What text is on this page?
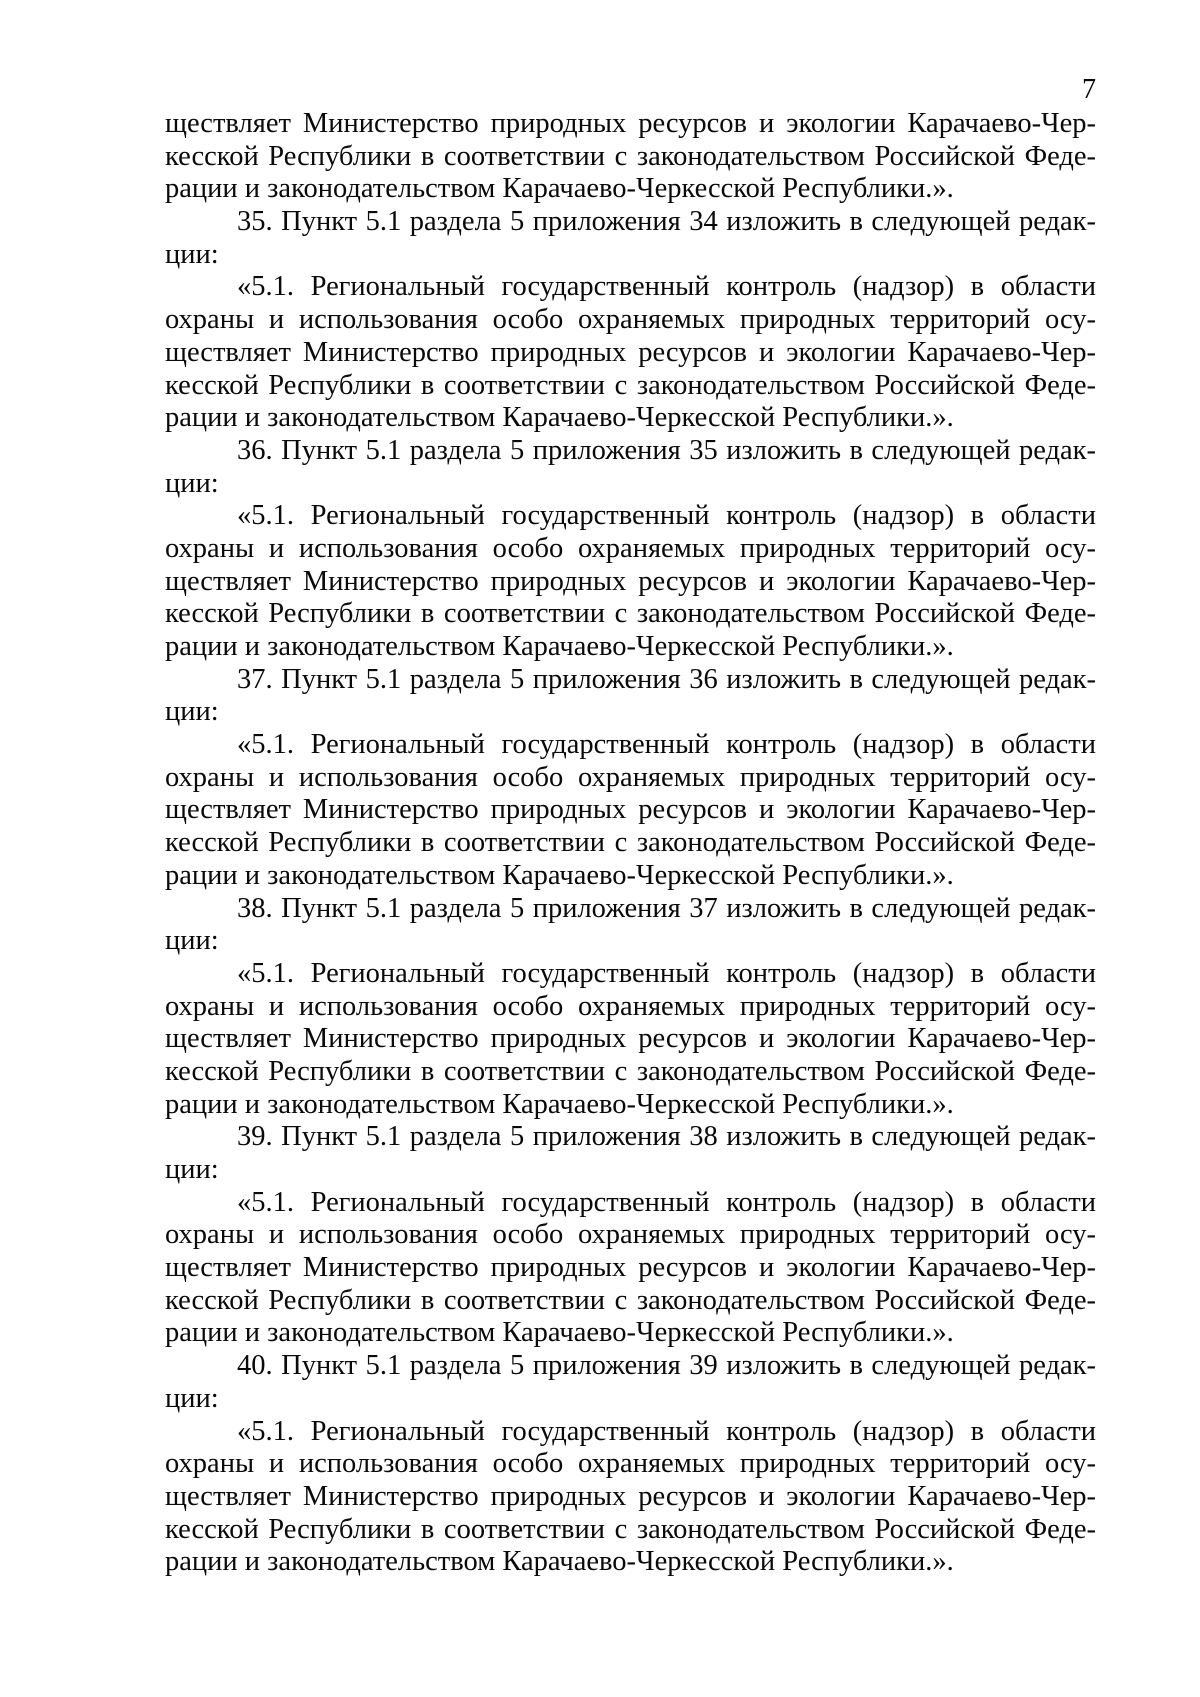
7
ществляет Министерство природных ресурсов и экологии Карачаево-Чер-
кесской Республики в соответствии с законодательством Российской Феде-
рации и законодательством Карачаево-Черкесской Республики.».
35. Пункт 5.1 раздела 5 приложения 34 изложить в следующей редак-
ции:
«5.1. Региональный государственный контроль (надзор) в области
охраны и использования особо охраняемых природных территорий осу-
ществляет Министерство природных ресурсов и экологии Карачаево-Чер-
кесской Республики в соответствии с законодательством Российской Феде-
рации и законодательством Карачаево-Черкесской Республики.».
36. Пункт 5.1 раздела 5 приложения 35 изложить в следующей редак-
ции:
«5.1. Региональный государственный контроль (надзор) в области
охраны и использования особо охраняемых природных территорий осу-
ществляет Министерство природных ресурсов и экологии Карачаево-Чер-
кесской Республики в соответствии с законодательством Российской Феде-
рации и законодательством Карачаево-Черкесской Республики.».
37. Пункт 5.1 раздела 5 приложения 36 изложить в следующей редак-
ции:
«5.1. Региональный государственный контроль (надзор) в области
охраны и использования особо охраняемых природных территорий осу-
ществляет Министерство природных ресурсов и экологии Карачаево-Чер-
кесской Республики в соответствии с законодательством Российской Феде-
рации и законодательством Карачаево-Черкесской Республики.».
38. Пункт 5.1 раздела 5 приложения 37 изложить в следующей редак-
ции:
«5.1. Региональный государственный контроль (надзор) в области
охраны и использования особо охраняемых природных территорий осу-
ществляет Министерство природных ресурсов и экологии Карачаево-Чер-
кесской Республики в соответствии с законодательством Российской Феде-
рации и законодательством Карачаево-Черкесской Республики.».
39. Пункт 5.1 раздела 5 приложения 38 изложить в следующей редак-
ции:
«5.1. Региональный государственный контроль (надзор) в области
охраны и использования особо охраняемых природных территорий осу-
ществляет Министерство природных ресурсов и экологии Карачаево-Чер-
кесской Республики в соответствии с законодательством Российской Феде-
рации и законодательством Карачаево-Черкесской Республики.».
40. Пункт 5.1 раздела 5 приложения 39 изложить в следующей редак-
ции:
«5.1. Региональный государственный контроль (надзор) в области
охраны и использования особо охраняемых природных территорий осу-
ществляет Министерство природных ресурсов и экологии Карачаево-Чер-
кесской Республики в соответствии с законодательством Российской Феде-
рации и законодательством Карачаево-Черкесской Республики.».
